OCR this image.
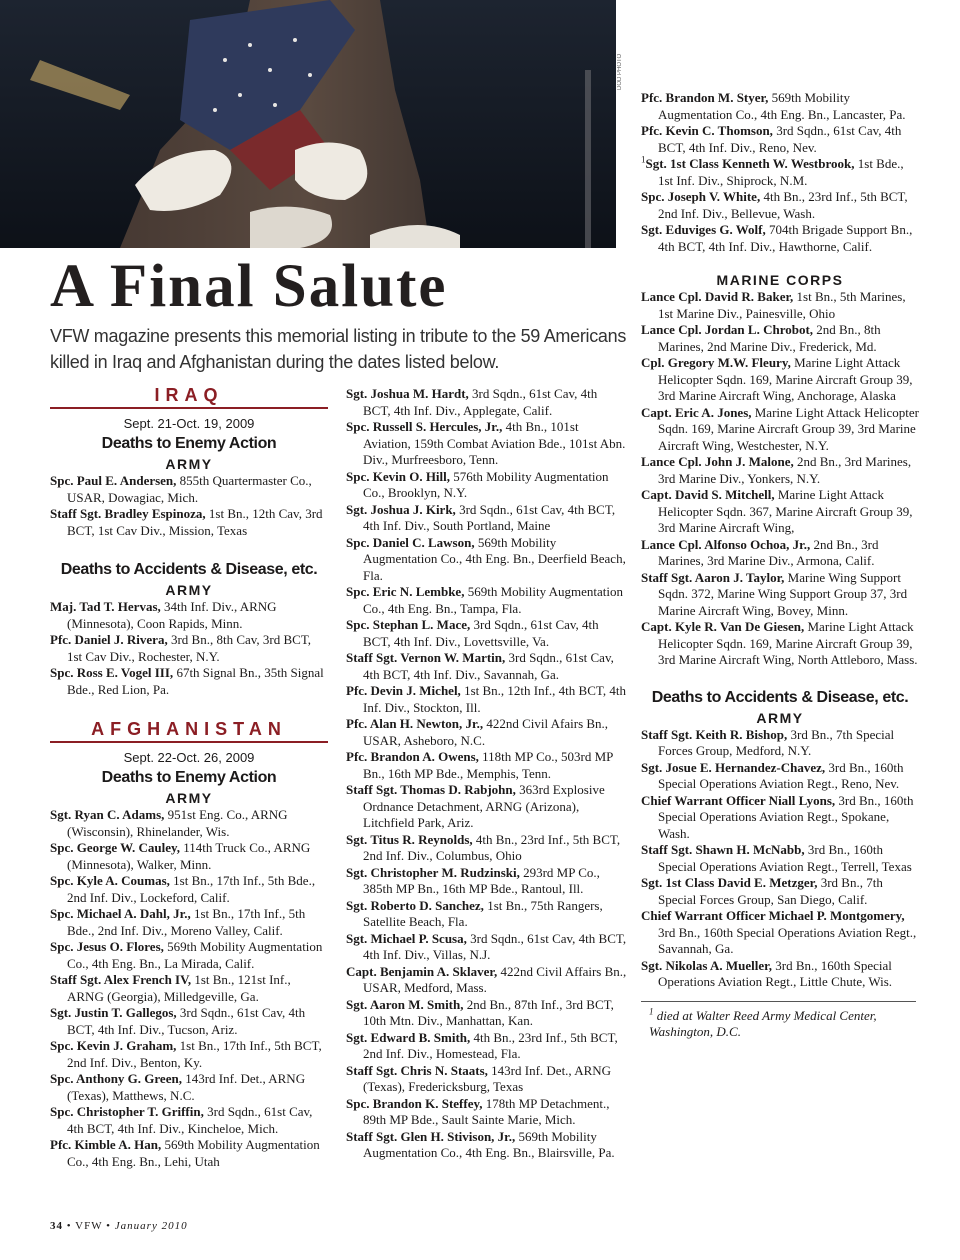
DOD PHOTO
A Final Salute

VFW magazine presents this memorial listing in tribute to the 59 Americans killed in Iraq and Afghanistan during the dates listed below.

IRAQ
Sept. 21-Oct. 19, 2009
Deaths to Enemy Action
ARMY
Spc. Paul E. Andersen, 855th Quartermaster Co., USAR, Dowagiac, Mich.
Staff Sgt. Bradley Espinoza, 1st Bn., 12th Cav, 3rd BCT, 1st Cav Div., Mission, Texas
Deaths to Accidents & Disease, etc.
ARMY
Maj. Tad T. Hervas, 34th Inf. Div., ARNG (Minnesota), Coon Rapids, Minn.
Pfc. Daniel J. Rivera, 3rd Bn., 8th Cav, 3rd BCT, 1st Cav Div., Rochester, N.Y.
Spc. Ross E. Vogel III, 67th Signal Bn., 35th Signal Bde., Red Lion, Pa.
AFGHANISTAN
Sept. 22-Oct. 26, 2009
Deaths to Enemy Action
ARMY
Sgt. Ryan C. Adams, 951st Eng. Co., ARNG (Wisconsin), Rhinelander, Wis.
Spc. George W. Cauley, 114th Truck Co., ARNG (Minnesota), Walker, Minn.
Spc. Kyle A. Coumas, 1st Bn., 17th Inf., 5th Bde., 2nd Inf. Div., Lockeford, Calif.
Spc. Michael A. Dahl, Jr., 1st Bn., 17th Inf., 5th Bde., 2nd Inf. Div., Moreno Valley, Calif.
Spc. Jesus O. Flores, 569th Mobility Augmentation Co., 4th Eng. Bn., La Mirada, Calif.
Staff Sgt. Alex French IV, 1st Bn., 121st Inf., ARNG (Georgia), Milledgeville, Ga.
Sgt. Justin T. Gallegos, 3rd Sqdn., 61st Cav, 4th BCT, 4th Inf. Div., Tucson, Ariz.
Spc. Kevin J. Graham, 1st Bn., 17th Inf., 5th BCT, 2nd Inf. Div., Benton, Ky.
Spc. Anthony G. Green, 143rd Inf. Det., ARNG (Texas), Matthews, N.C.
Spc. Christopher T. Griffin, 3rd Sqdn., 61st Cav, 4th BCT, 4th Inf. Div., Kincheloe, Mich.
Pfc. Kimble A. Han, 569th Mobility Augmentation Co., 4th Eng. Bn., Lehi, Utah
Sgt. Joshua M. Hardt, 3rd Sqdn., 61st Cav, 4th BCT, 4th Inf. Div., Applegate, Calif.
Spc. Russell S. Hercules, Jr., 4th Bn., 101st Aviation, 159th Combat Aviation Bde., 101st Abn. Div., Murfreesboro, Tenn.
Spc. Kevin O. Hill, 576th Mobility Augmentation Co., Brooklyn, N.Y.
Sgt. Joshua J. Kirk, 3rd Sqdn., 61st Cav, 4th BCT, 4th Inf. Div., South Portland, Maine
Spc. Daniel C. Lawson, 569th Mobility Augmentation Co., 4th Eng. Bn., Deerfield Beach, Fla.
Spc. Eric N. Lembke, 569th Mobility Augmentation Co., 4th Eng. Bn., Tampa, Fla.
Spc. Stephan L. Mace, 3rd Sqdn., 61st Cav, 4th BCT, 4th Inf. Div., Lovettsville, Va.
Staff Sgt. Vernon W. Martin, 3rd Sqdn., 61st Cav, 4th BCT, 4th Inf. Div., Savannah, Ga.
Pfc. Devin J. Michel, 1st Bn., 12th Inf., 4th BCT, 4th Inf. Div., Stockton, Ill.
Pfc. Alan H. Newton, Jr., 422nd Civil Afairs Bn., USAR, Asheboro, N.C.
Pfc. Brandon A. Owens, 118th MP Co., 503rd MP Bn., 16th MP Bde., Memphis, Tenn.
Staff Sgt. Thomas D. Rabjohn, 363rd Explosive Ordnance Detachment, ARNG (Arizona), Litchfield Park, Ariz.
Sgt. Titus R. Reynolds, 4th Bn., 23rd Inf., 5th BCT, 2nd Inf. Div., Columbus, Ohio
Sgt. Christopher M. Rudzinski, 293rd MP Co., 385th MP Bn., 16th MP Bde., Rantoul, Ill.
Sgt. Roberto D. Sanchez, 1st Bn., 75th Rangers, Satellite Beach, Fla.
Sgt. Michael P. Scusa, 3rd Sqdn., 61st Cav, 4th BCT, 4th Inf. Div., Villas, N.J.
Capt. Benjamin A. Sklaver, 422nd Civil Affairs Bn., USAR, Medford, Mass.
Sgt. Aaron M. Smith, 2nd Bn., 87th Inf., 3rd BCT, 10th Mtn. Div., Manhattan, Kan.
Sgt. Edward B. Smith, 4th Bn., 23rd Inf., 5th BCT, 2nd Inf. Div., Homestead, Fla.
Staff Sgt. Chris N. Staats, 143rd Inf. Det., ARNG (Texas), Fredericksburg, Texas
Spc. Brandon K. Steffey, 178th MP Detachment., 89th MP Bde., Sault Sainte Marie, Mich.
Staff Sgt. Glen H. Stivison, Jr., 569th Mobility Augmentation Co., 4th Eng. Bn., Blairsville, Pa.
Pfc. Brandon M. Styer, 569th Mobility Augmentation Co., 4th Eng. Bn., Lancaster, Pa.
Pfc. Kevin C. Thomson, 3rd Sqdn., 61st Cav, 4th BCT, 4th Inf. Div., Reno, Nev.
$^1$Sgt. 1st Class Kenneth W. Westbrook, 1st Bde., 1st Inf. Div., Shiprock, N.M.
Spc. Joseph V. White, 4th Bn., 23rd Inf., 5th BCT, 2nd Inf. Div., Bellevue, Wash.
Sgt. Eduviges G. Wolf, 704th Brigade Support Bn., 4th BCT, 4th Inf. Div., Hawthorne, Calif.
MARINE CORPS
Lance Cpl. David R. Baker, 1st Bn., 5th Marines, 1st Marine Div., Painesville, Ohio
Lance Cpl. Jordan L. Chrobot, 2nd Bn., 8th Marines, 2nd Marine Div., Frederick, Md.
Cpl. Gregory M.W. Fleury, Marine Light Attack Helicopter Sqdn. 169, Marine Aircraft Group 39, 3rd Marine Aircraft Wing, Anchorage, Alaska
Capt. Eric A. Jones, Marine Light Attack Helicopter Sqdn. 169, Marine Aircraft Group 39, 3rd Marine Aircraft Wing, Westchester, N.Y.
Lance Cpl. John J. Malone, 2nd Bn., 3rd Marines, 3rd Marine Div., Yonkers, N.Y.
Capt. David S. Mitchell, Marine Light Attack Helicopter Sqdn. 367, Marine Aircraft Group 39, 3rd Marine Aircraft Wing,
Lance Cpl. Alfonso Ochoa, Jr., 2nd Bn., 3rd Marines, 3rd Marine Div., Armona, Calif.
Staff Sgt. Aaron J. Taylor, Marine Wing Support Sqdn. 372, Marine Wing Support Group 37, 3rd Marine Aircraft Wing, Bovey, Minn.
Capt. Kyle R. Van De Giesen, Marine Light Attack Helicopter Sqdn. 169, Marine Aircraft Group 39, 3rd Marine Aircraft Wing, North Attleboro, Mass.
Deaths to Accidents & Disease, etc.
ARMY
Staff Sgt. Keith R. Bishop, 3rd Bn., 7th Special Forces Group, Medford, N.Y.
Sgt. Josue E. Hernandez-Chavez, 3rd Bn., 160th Special Operations Aviation Regt., Reno, Nev.
Chief Warrant Officer Niall Lyons, 3rd Bn., 160th Special Operations Aviation Regt., Spokane, Wash.
Staff Sgt. Shawn H. McNabb, 3rd Bn., 160th Special Operations Aviation Regt., Terrell, Texas
Sgt. 1st Class David E. Metzger, 3rd Bn., 7th Special Forces Group, San Diego, Calif.
Chief Warrant Officer Michael P. Montgomery, 3rd Bn., 160th Special Operations Aviation Regt., Savannah, Ga.
Sgt. Nikolas A. Mueller, 3rd Bn., 160th Special Operations Aviation Regt., Little Chute, Wis.
$^1$ died at Walter Reed Army Medical Center, Washington, D.C.
34 • VFW • January 2010
